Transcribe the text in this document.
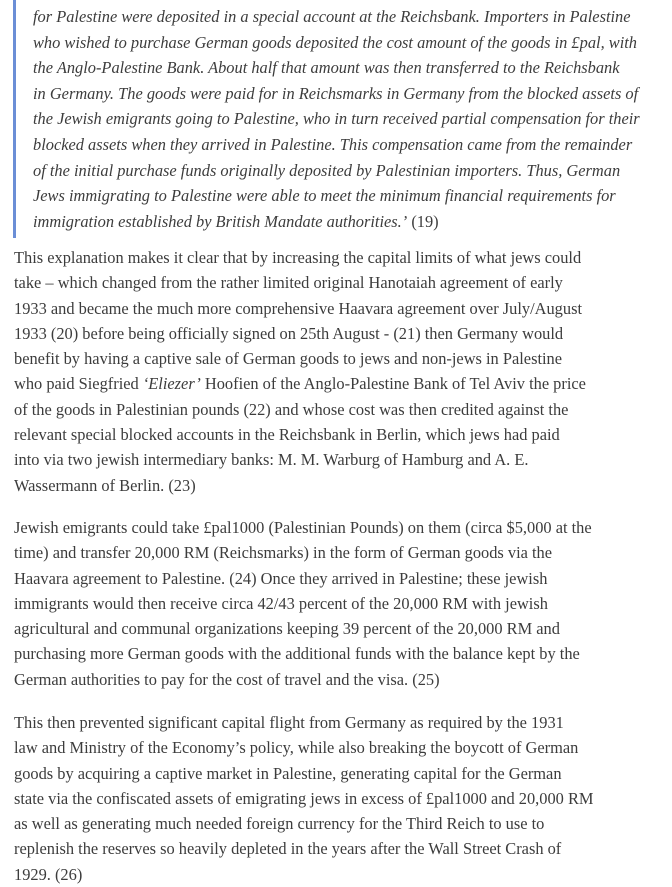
for Palestine were deposited in a special account at the Reichsbank. Importers in Palestine
who wished to purchase German goods deposited the cost amount of the goods in £pal, with
the Anglo-Palestine Bank. About half that amount was then transferred to the Reichsbank
in Germany. The goods were paid for in Reichsmarks in Germany from the blocked assets of
the Jewish emigrants going to Palestine, who in turn received partial compensation for their
blocked assets when they arrived in Palestine. This compensation came from the remainder
of the initial purchase funds originally deposited by Palestinian importers. Thus, German
Jews immigrating to Palestine were able to meet the minimum financial requirements for
immigration established by British Mandate authorities.’ (19)

This explanation makes it clear that by increasing the capital limits of what jews could
take – which changed from the rather limited original Hanotaiah agreement of early
1933 and became the much more comprehensive Haavara agreement over July/August
1933 (20) before being officially signed on 25th August - (21) then Germany would
benefit by having a captive sale of German goods to jews and non-jews in Palestine
who paid Siegfried ‘Eliezer’ Hoofien of the Anglo-Palestine Bank of Tel Aviv the price
of the goods in Palestinian pounds (22) and whose cost was then credited against the
relevant special blocked accounts in the Reichsbank in Berlin, which jews had paid
into via two jewish intermediary banks: M. M. Warburg of Hamburg and A. E.
Wassermann of Berlin. (23)

Jewish emigrants could take £pal1000 (Palestinian Pounds) on them (circa $5,000 at the
time) and transfer 20,000 RM (Reichsmarks) in the form of German goods via the
Haavara agreement to Palestine. (24) Once they arrived in Palestine; these jewish
immigrants would then receive circa 42/43 percent of the 20,000 RM with jewish
agricultural and communal organizations keeping 39 percent of the 20,000 RM and
purchasing more German goods with the additional funds with the balance kept by the
German authorities to pay for the cost of travel and the visa. (25)

This then prevented significant capital flight from Germany as required by the 1931
law and Ministry of the Economy’s policy, while also breaking the boycott of German
goods by acquiring a captive market in Palestine, generating capital for the German
state via the confiscated assets of emigrating jews in excess of £pal1000 and 20,000 RM
as well as generating much needed foreign currency for the Third Reich to use to
replenish the reserves so heavily depleted in the years after the Wall Street Crash of
1929. (26)
